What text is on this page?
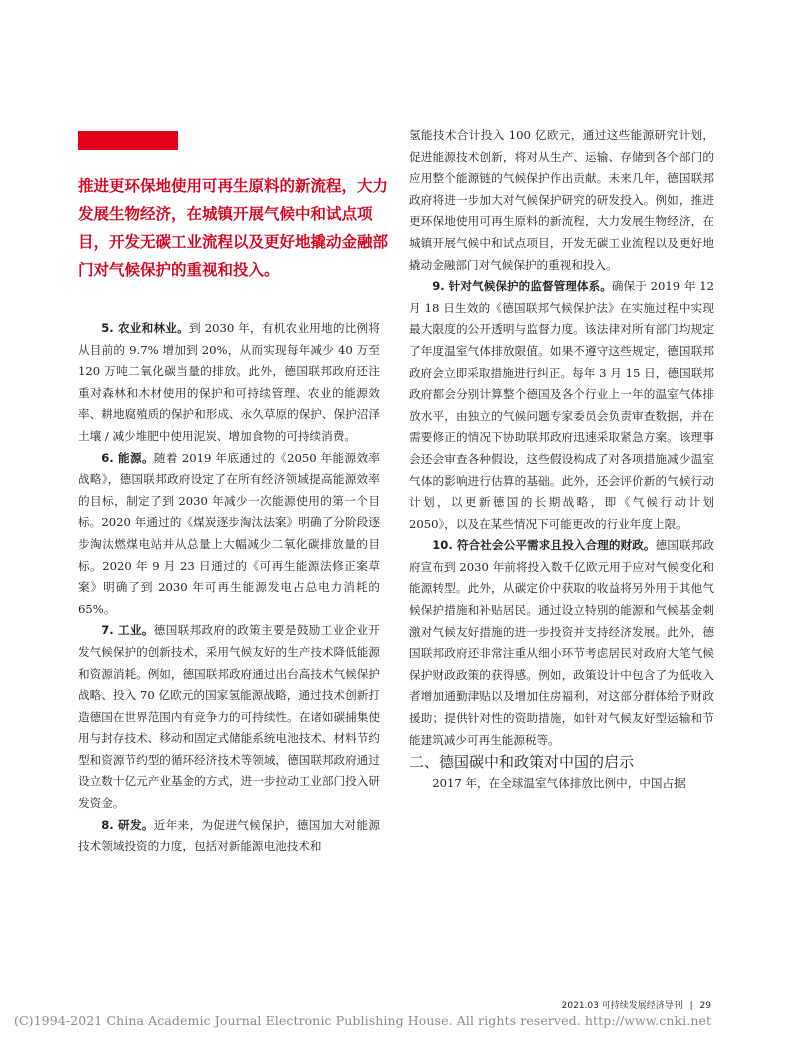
推进更环保地使用可再生原料的新流程，大力发展生物经济，在城镇开展气候中和试点项目，开发无碳工业流程以及更好地撬动金融部门对气候保护的重视和投入。

5. 农业和林业。到 2030 年，有机农业用地的比例将从目前的 9.7% 增加到 20%，从而实现每年减少 40 万至 120 万吨二氧化碳当量的排放。此外，德国联邦政府还注重对森林和木材使用的保护和可持续管理、农业的能源效率、耕地腐殖质的保护和形成、永久草原的保护、保护沼泽土壤 / 减少堆肥中使用泥炭、增加食物的可持续消费。

6. 能源。随着 2019 年底通过的《2050 年能源效率战略》，德国联邦政府设定了在所有经济领域提高能源效率的目标，制定了到 2030 年减少一次能源使用的第一个目标。2020 年通过的《煤炭逐步淘汰法案》明确了分阶段逐步淘汰燃煤电站并从总量上大幅减少二氧化碳排放量的目标。2020 年 9 月 23 日通过的《可再生能源法修正案草案》明确了到 2030 年可再生能源发电占总电力消耗的 65%。

7. 工业。德国联邦政府的政策主要是鼓励工业企业开发气候保护的创新技术，采用气候友好的生产技术降低能源和资源消耗。例如，德国联邦政府通过出台高技术气候保护战略、投入 70 亿欧元的国家氢能源战略，通过技术创新打造德国在世界范围内有竞争力的可持续性。在诸如碳捕集使用与封存技术、移动和固定式储能系统电池技术、材料节约型和资源节约型的循环经济技术等领域，德国联邦政府通过设立数十亿元产业基金的方式，进一步拉动工业部门投入研发资金。

8. 研发。近年来，为促进气候保护，德国加大对能源技术领域投资的力度，包括对新能源电池技术和

氢能技术合计投入 100 亿欧元，通过这些能源研究计划，促进能源技术创新，将对从生产、运输、存储到各个部门的应用整个能源链的气候保护作出贡献。未来几年，德国联邦政府将进一步加大对气候保护研究的研发投入。例如，推进更环保地使用可再生原料的新流程，大力发展生物经济，在城镇开展气候中和试点项目，开发无碳工业流程以及更好地撬动金融部门对气候保护的重视和投入。

9. 针对气候保护的监督管理体系。确保于 2019 年 12 月 18 日生效的《德国联邦气候保护法》在实施过程中实现最大限度的公开透明与监督力度。该法律对所有部门均规定了年度温室气体排放限值。如果不遵守这些规定，德国联邦政府会立即采取措施进行纠正。每年 3 月 15 日，德国联邦政府都会分别计算整个德国及各个行业上一年的温室气体排放水平，由独立的气候问题专家委员会负责审查数据，并在需要修正的情况下协助联邦政府迅速采取紧急方案。该理事会还会审查各种假设，这些假设构成了对各项措施减少温室气体的影响进行估算的基础。此外，还会评价新的气候行动计划，以更新德国的长期战略，即《气候行动计划 2050》，以及在某些情况下可能更改的行业年度上限。

10. 符合社会公平需求且投入合理的财政。德国联邦政府宣布到 2030 年前将投入数千亿欧元用于应对气候变化和能源转型。此外，从碳定价中获取的收益将另外用于其他气候保护措施和补贴居民。通过设立特别的能源和气候基金刺激对气候友好措施的进一步投资并支持经济发展。此外，德国联邦政府还非常注重从细小环节考虑居民对政府大笔气候保护财政政策的获得感。例如，政策设计中包含了为低收入者增加通勤津贴以及增加住房福利，对这部分群体给予财政援助；提供针对性的资助措施，如针对气候友好型运输和节能建筑减少可再生能源税等。

二、德国碳中和政策对中国的启示

2017 年，在全球温室气体排放比例中，中国占据

2021.03 可持续发展经济导刊 | 29
(C)1994-2021 China Academic Journal Electronic Publishing House. All rights reserved. http://www.cnki.net
